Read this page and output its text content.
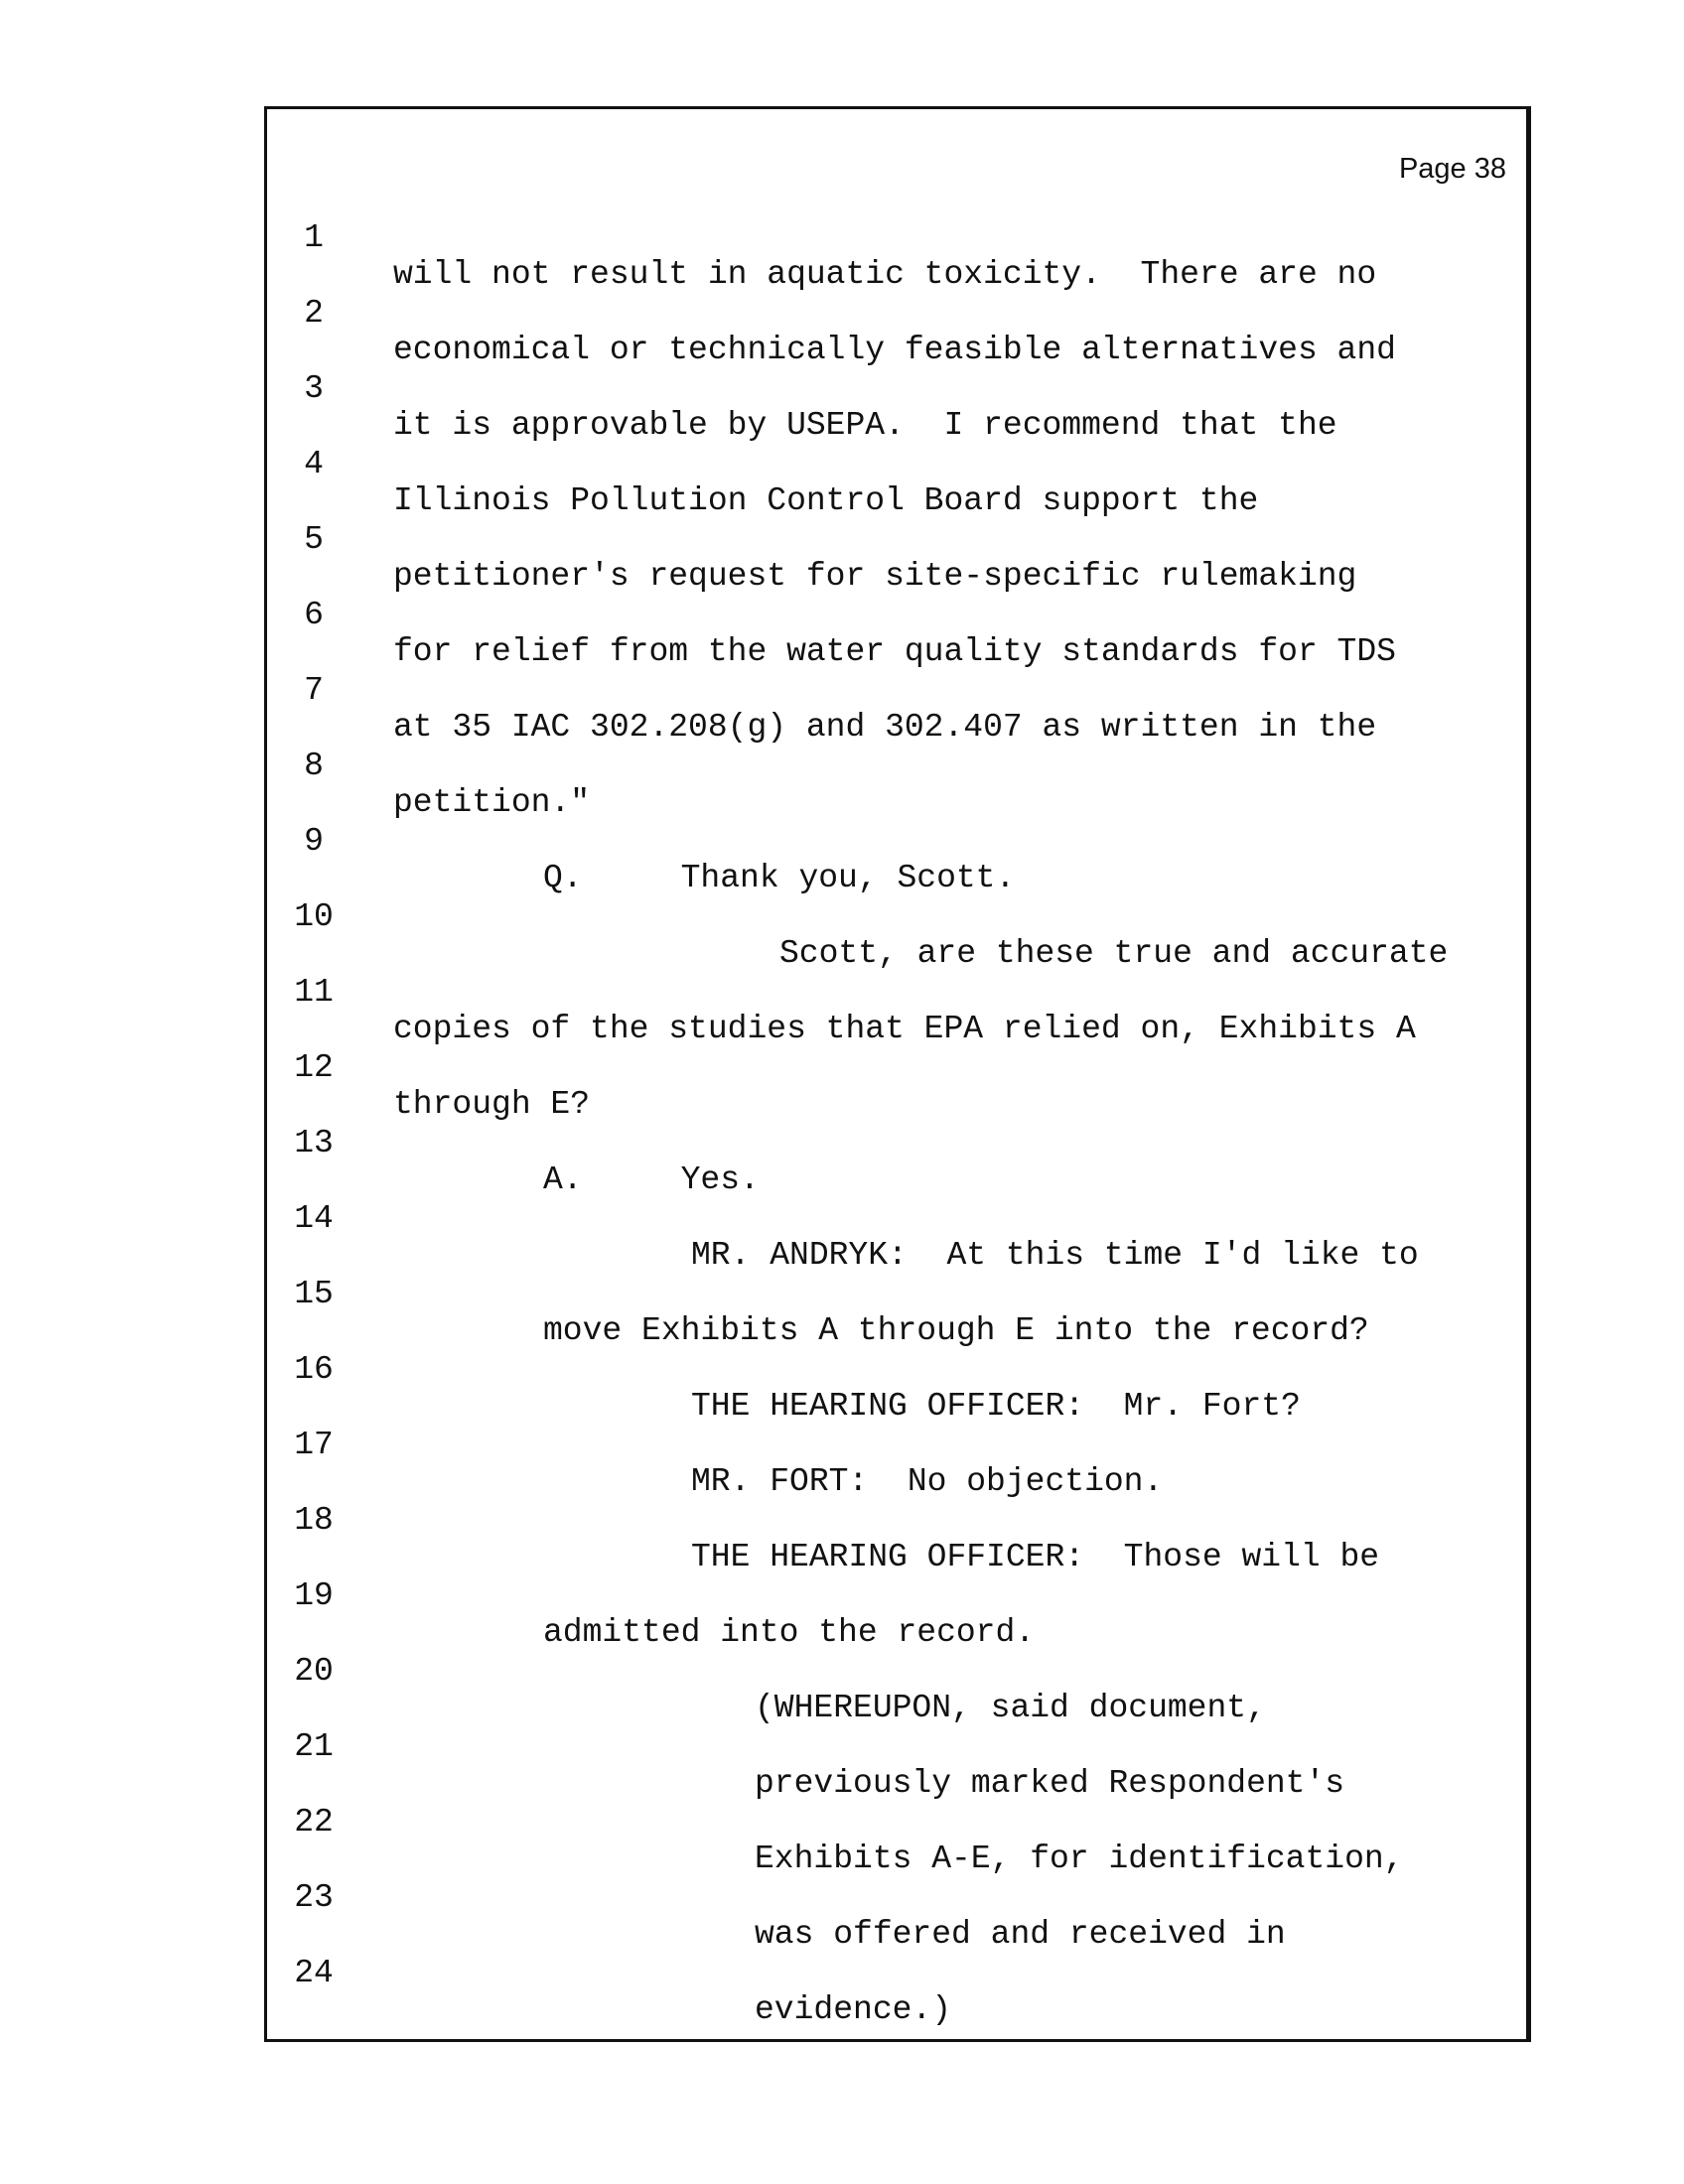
Page 38

1

will not result in aquatic toxicity.  There are no

2

economical or technically feasible alternatives and

3

it is approvable by USEPA.  I recommend that the

4

Illinois Pollution Control Board support the

5

petitioner's request for site-specific rulemaking

6

for relief from the water quality standards for TDS

7

at 35 IAC 302.208(g) and 302.407 as written in the

8

petition."

9

Q.     Thank you, Scott.

10

Scott, are these true and accurate

11

copies of the studies that EPA relied on, Exhibits A

12

through E?

13

A.     Yes.

14

MR. ANDRYK:  At this time I'd like to

15

move Exhibits A through E into the record?

16

THE HEARING OFFICER:  Mr. Fort?

17

MR. FORT:  No objection.

18

THE HEARING OFFICER:  Those will be

19

admitted into the record.

20

(WHEREUPON, said document,

21

previously marked Respondent's

22

Exhibits A-E, for identification,

23

was offered and received in

24

evidence.)
